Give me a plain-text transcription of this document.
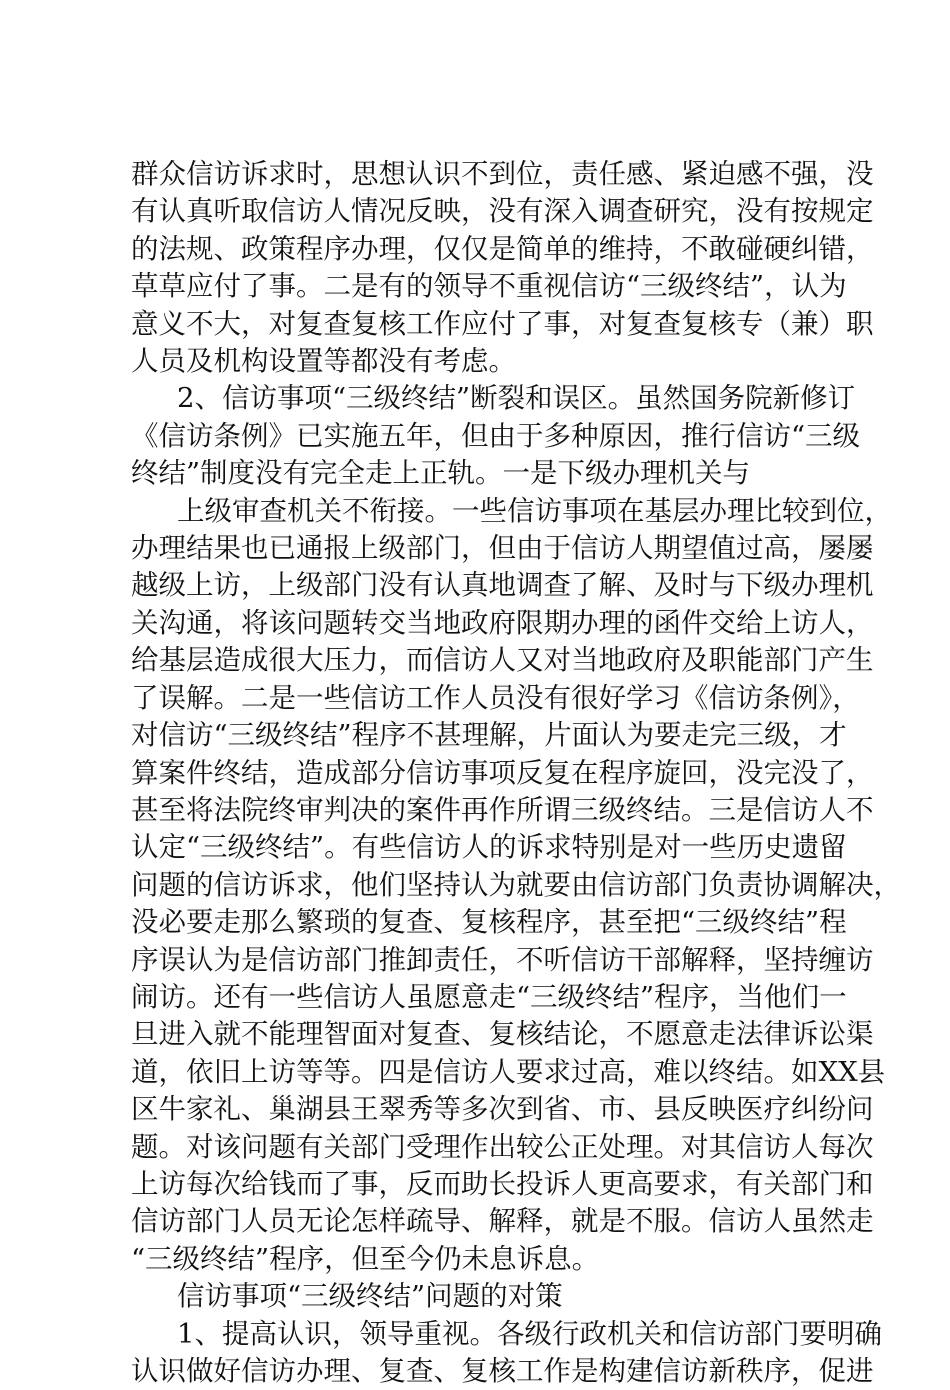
群众信访诉求时，思想认识不到位，责任感、紧迫感不强，没
有认真听取信访人情况反映，没有深入调查研究，没有按规定
的法规、政策程序办理，仅仅是简单的维持，不敢碰硬纠错，
草草应付了事。二是有的领导不重视信访“三级终结”，认为
意义不大，对复查复核工作应付了事，对复查复核专（兼）职
人员及机构设置等都没有考虑。
2、信访事项“三级终结”断裂和误区。虽然国务院新修订
《信访条例》已实施五年，但由于多种原因，推行信访“三级
终结”制度没有完全走上正轨。一是下级办理机关与
上级审查机关不衔接。一些信访事项在基层办理比较到位，
办理结果也已通报上级部门，但由于信访人期望值过高，屡屡
越级上访，上级部门没有认真地调查了解、及时与下级办理机
关沟通，将该问题转交当地政府限期办理的函件交给上访人，
给基层造成很大压力，而信访人又对当地政府及职能部门产生
了误解。二是一些信访工作人员没有很好学习《信访条例》，
对信访“三级终结”程序不甚理解，片面认为要走完三级，才
算案件终结，造成部分信访事项反复在程序旋回，没完没了，
甚至将法院终审判决的案件再作所谓三级终结。三是信访人不
认定“三级终结”。有些信访人的诉求特别是对一些历史遗留
问题的信访诉求，他们坚持认为就要由信访部门负责协调解决，
没必要走那么繁琐的复查、复核程序，甚至把“三级终结”程
序误认为是信访部门推卸责任，不听信访干部解释，坚持缠访
闹访。还有一些信访人虽愿意走“三级终结”程序，当他们一
旦进入就不能理智面对复查、复核结论，不愿意走法律诉讼渠
道，依旧上访等等。四是信访人要求过高，难以终结。如XX县
区牛家礼、巢湖县王翠秀等多次到省、市、县反映医疗纠纷问
题。对该问题有关部门受理作出较公正处理。对其信访人每次
上访每次给钱而了事，反而助长投诉人更高要求，有关部门和
信访部门人员无论怎样疏导、解释，就是不服。信访人虽然走
“三级终结”程序，但至今仍未息诉息。
信访事项“三级终结”问题的对策
1、提高认识，领导重视。各级行政机关和信访部门要明确
认识做好信访办理、复查、复核工作是构建信访新秩序，促进
